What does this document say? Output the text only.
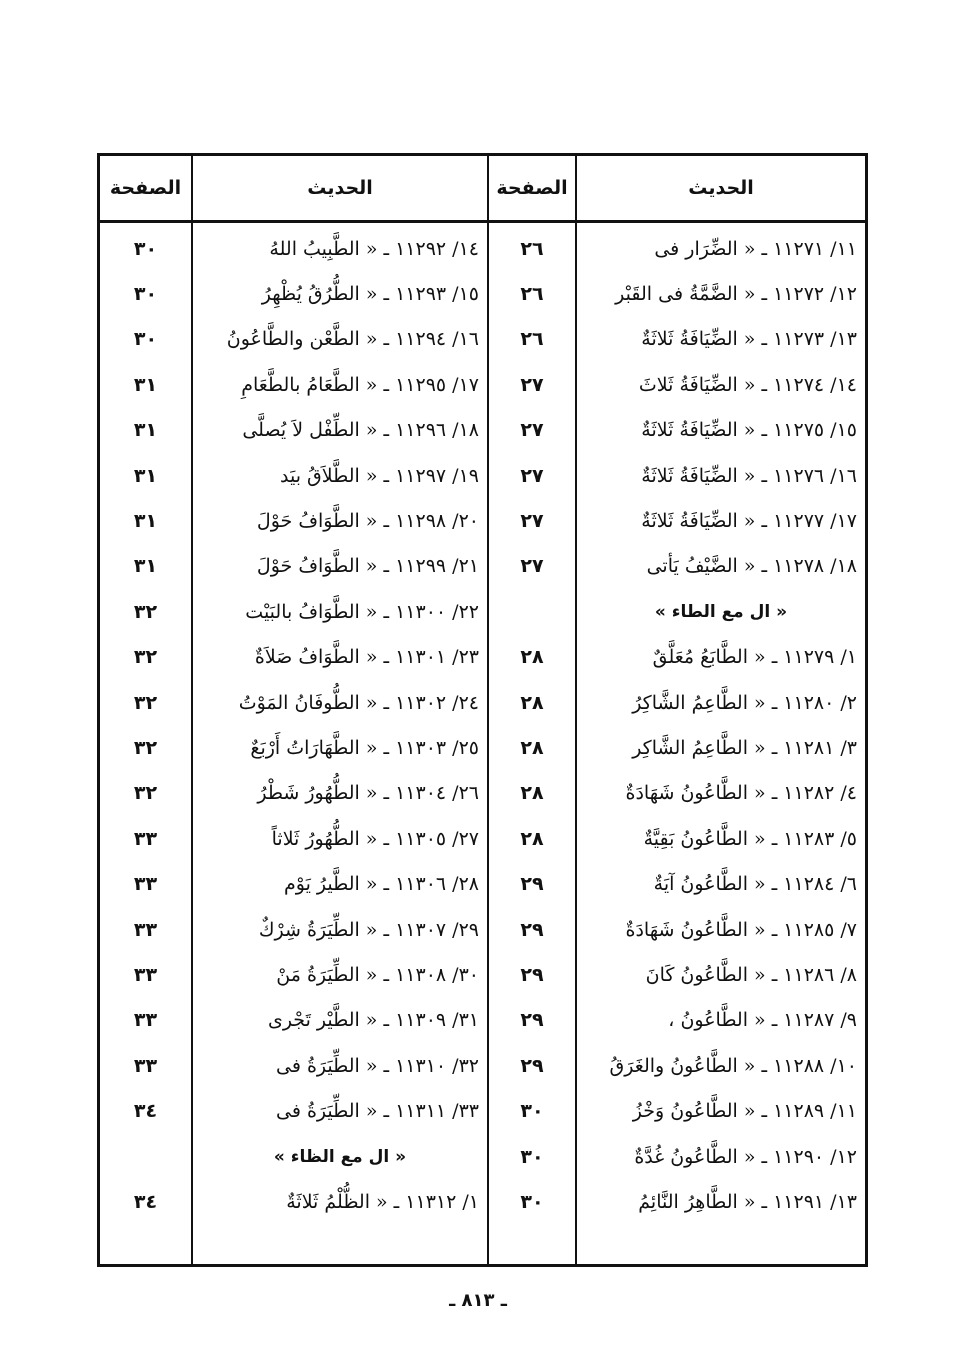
الحديث
الصفحة
الحديث
الصفحة
١١/ ١١٢٧١ ـ « الضِّرَار فى
٢٦
١٢/ ١١٢٧٢ ـ « الضَّمَّةُ فى القَبْر
٢٦
١٣/ ١١٢٧٣ ـ « الضِّيَافَةُ ثَلاثَةٌ
٢٦
١٤/ ١١٢٧٤ ـ « الضِّيَافَةُ ثَلاثَ
٢٧
١٥/ ١١٢٧٥ ـ « الضِّيَافَةُ ثَلاثَةٌ
٢٧
١٦/ ١١٢٧٦ ـ « الضِّيَافَةُ ثَلاثَةٌ
٢٧
١٧/ ١١٢٧٧ ـ « الضِّيَافَةُ ثَلاثَةٌ
٢٧
١٨/ ١١٢٧٨ ـ « الضَّيْفُ يَأتى
٢٧
« ال مع الطاء »
١/ ١١٢٧٩ ـ « الطَّابَعُ مُعَلَّقٌ
٢٨
٢/ ١١٢٨٠ ـ « الطَّاعِمُ الشَّاكِرُ
٢٨
٣/ ١١٢٨١ ـ « الطَّاعِمُ الشَّاكِر
٢٨
٤/ ١١٢٨٢ ـ « الطَّاعُونُ شَهَادَةٌ
٢٨
٥/ ١١٢٨٣ ـ « الطَّاعُونُ بَقِيَّةٌ
٢٨
٦/ ١١٢٨٤ ـ « الطَّاعُونُ آيَةٌ
٢٩
٧/ ١١٢٨٥ ـ « الطَّاعُونُ شَهَادَةٌ
٢٩
٨/ ١١٢٨٦ ـ « الطَّاعُونُ كَانَ
٢٩
٩/ ١١٢٨٧ ـ « الطَّاعُونُ ،
٢٩
١٠/ ١١٢٨٨ ـ « الطَّاعُونُ والغَرَقُ
٢٩
١١/ ١١٢٨٩ ـ « الطَّاعُونُ وَخْزُ
٣٠
١٢/ ١١٢٩٠ ـ « الطَّاعُونُ غُدَّةٌ
٣٠
١٣/ ١١٢٩١ ـ « الطَّاهِرُ النَّائِمُ
٣٠
١٤/ ١١٢٩٢ ـ « الطَّبِيبُ اللهُ
٣٠
١٥/ ١١٢٩٣ ـ « الطُّرُقُ يُظْهِرُ
٣٠
١٦/ ١١٢٩٤ ـ « الطَّعْن والطَّاعُونُ
٣٠
١٧/ ١١٢٩٥ ـ « الطَّعَامُ بالطَّعَامِ
٣١
١٨/ ١١٢٩٦ ـ « الطِّفْل لاَ يُصلَّى
٣١
١٩/ ١١٢٩٧ ـ « الطَّلاَقُ بيَد
٣١
٢٠/ ١١٢٩٨ ـ « الطَّوَافُ حَوْلَ
٣١
٢١/ ١١٢٩٩ ـ « الطَّوَافُ حَوْلَ
٣١
٢٢/ ١١٣٠٠ ـ « الطَّوَافُ بالبَيْت
٣٢
٢٣/ ١١٣٠١ ـ « الطَّوَافُ صَلاَةٌ
٣٢
٢٤/ ١١٣٠٢ ـ « الطُّوفَانُ المَوْتُ
٣٢
٢٥/ ١١٣٠٣ ـ « الطَّهَارَاتُ أَرْبَعٌ
٣٢
٢٦/ ١١٣٠٤ ـ « الطُّهُورُ شَطْرُ
٣٢
٢٧/ ١١٣٠٥ ـ « الطُّهُورُ ثَلاثاً
٣٣
٢٨/ ١١٣٠٦ ـ « الطَّيرُ يَوْم
٣٣
٢٩/ ١١٣٠٧ ـ « الطِّيَرَةُ شِرْكٌ
٣٣
٣٠/ ١١٣٠٨ ـ « الطِّيَرَةُ مَنْ
٣٣
٣١/ ١١٣٠٩ ـ « الطَّيْر تَجْرى
٣٣
٣٢/ ١١٣١٠ ـ « الطِّيَرَةُ فى
٣٣
٣٣/ ١١٣١١ ـ « الطِّيَرَةُ فى
٣٤
« ال مع الظاء »
١/ ١١٣١٢ ـ « الظُّلْمُ ثَلاثَةٌ
٣٤
ـ ٨١٣ ـ
